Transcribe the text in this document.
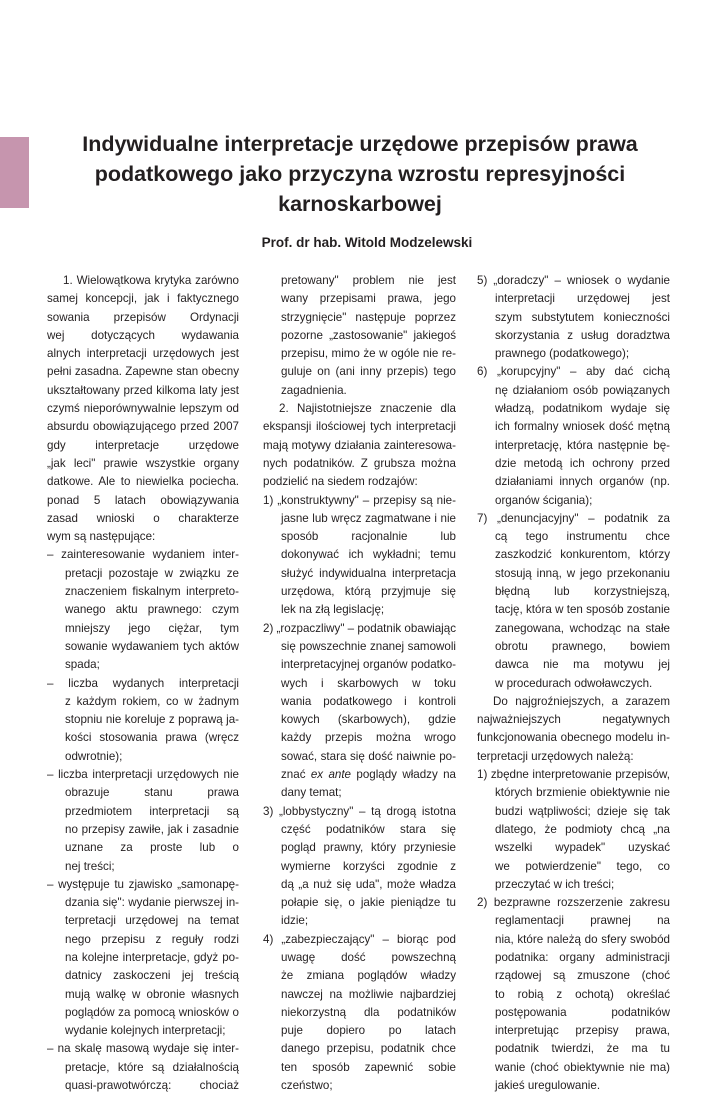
Indywidualne interpretacje urzędowe przepisów prawa
podatkowego jako przyczyna wzrostu represyjności
karnoskarbowej
Prof. dr hab. Witold Modzelewski
1. Wielowątkowa krytyka zarówno
samej koncepcji, jak i faktycznego
sowania przepisów Ordynacji
wej dotyczących wydawania
alnych interpretacji urzędowych jest
pełni zasadna. Zapewne stan obecny
ukształtowany przed kilkoma laty jest
czymś nieporównywalnie lepszym od
absurdu obowiązującego przed 2007
gdy interpretacje urzędowe
„jak leci" prawie wszystkie organy
datkowe. Ale to niewielka pociecha.
ponad 5 latach obowiązywania
zasad wnioski o charakterze
wym są następujące:
– zainteresowanie wydaniem inter-
pretacji pozostaje w związku ze
znaczeniem fiskalnym interpreto-
wanego aktu prawnego: czym
mniejszy jego ciężar, tym
sowanie wydawaniem tych aktów
spada;
– liczba wydanych interpretacji
z każdym rokiem, co w żadnym
stopniu nie koreluje z poprawą ja-
kości stosowania prawa (wręcz
odwrotnie);
– liczba interpretacji urzędowych nie
obrazuje stanu prawa
przedmiotem interpretacji są
no przepisy zawiłe, jak i zasadnie
uznane za proste lub o
nej treści;
– występuje tu zjawisko „samonapę-
dzania się": wydanie pierwszej in-
terpretacji urzędowej na temat
nego przepisu z reguły rodzi
na kolejne interpretacje, gdyż po-
datnicy zaskoczeni jej treścią
mują walkę w obronie własnych
poglądów za pomocą wniosków o
wydanie kolejnych interpretacji;
– na skalę masową wydaje się inter-
pretacje, które są działalnością
quasi-prawotwórczą: chociaż
pretowany" problem nie jest
wany przepisami prawa, jego
strzygnięcie" następuje poprzez
pozorne „zastosowanie" jakiegoś
przepisu, mimo że w ogóle nie re-
guluje on (ani inny przepis) tego
zagadnienia.
2. Najistotniejsze znaczenie dla
ekspansji ilościowej tych interpretacji
mają motywy działania zainteresowa-
nych podatników. Z grubsza można
podzielić na siedem rodzajów:
1) „konstruktywny" – przepisy są nie-
jasne lub wręcz zagmatwane i nie
sposób racjonalnie lub
dokonywać ich wykładni; temu
służyć indywidualna interpretacja
urzędowa, którą przyjmuje się
lek na złą legislację;
2) „rozpaczliwy" – podatnik obawiając
się powszechnie znanej samowoli
interpretacyjnej organów podatko-
wych i skarbowych w toku
wania podatkowego i kontroli
kowych (skarbowych), gdzie
każdy przepis można wrogo
sować, stara się dość naiwnie po-
znać ex ante poglądy władzy na
dany temat;
3) „lobbystyczny" – tą drogą istotna
część podatników stara się
pogląd prawny, który przyniesie
wymierne korzyści zgodnie z
dą „a nuż się uda", może władza
połapie się, o jakie pieniądze tu
idzie;
4) „zabezpieczający" – biorąc pod
uwagę dość powszechną
że zmiana poglądów władzy
nawczej na możliwie najbardziej
niekorzystną dla podatników
puje dopiero po latach
danego przepisu, podatnik chce
ten sposób zapewnić sobie
czeństwo;
5) „doradczy" – wniosek o wydanie
interpretacji urzędowej jest
szym substytutem konieczności
skorzystania z usług doradztwa
prawnego (podatkowego);
6) „korupcyjny" – aby dać cichą
nę działaniom osób powiązanych
władzą, podatnikom wydaje się
ich formalny wniosek dość mętną
interpretację, która następnie bę-
dzie metodą ich ochrony przed
działaniami innych organów (np.
organów ścigania);
7) „denuncjacyjny" – podatnik za
cą tego instrumentu chce
zaszkodzić konkurentom, którzy
stosują inną, w jego przekonaniu
błędną lub korzystniejszą,
tację, która w ten sposób zostanie
zanegowana, wchodząc na stałe
obrotu prawnego, bowiem
dawca nie ma motywu jej
w procedurach odwoławczych.
Do najgroźniejszych, a zarazem
najważniejszych negatywnych
funkcjonowania obecnego modelu in-
terpretacji urzędowych należą:
1) zbędne interpretowanie przepisów,
których brzmienie obiektywnie nie
budzi wątpliwości; dzieje się tak
dlatego, że podmioty chcą „na
wszelki wypadek" uzyskać
we potwierdzenie" tego, co
przeczytać w ich treści;
2) bezprawne rozszerzenie zakresu
reglamentacji prawnej na
nia, które należą do sfery swobód
podatnika: organy administracji
rządowej są zmuszone (choć
to robią z ochotą) określać
postępowania podatników
interpretując przepisy prawa,
podatnik twierdzi, że ma tu
wanie (choć obiektywnie nie ma)
jakieś uregulowanie.
